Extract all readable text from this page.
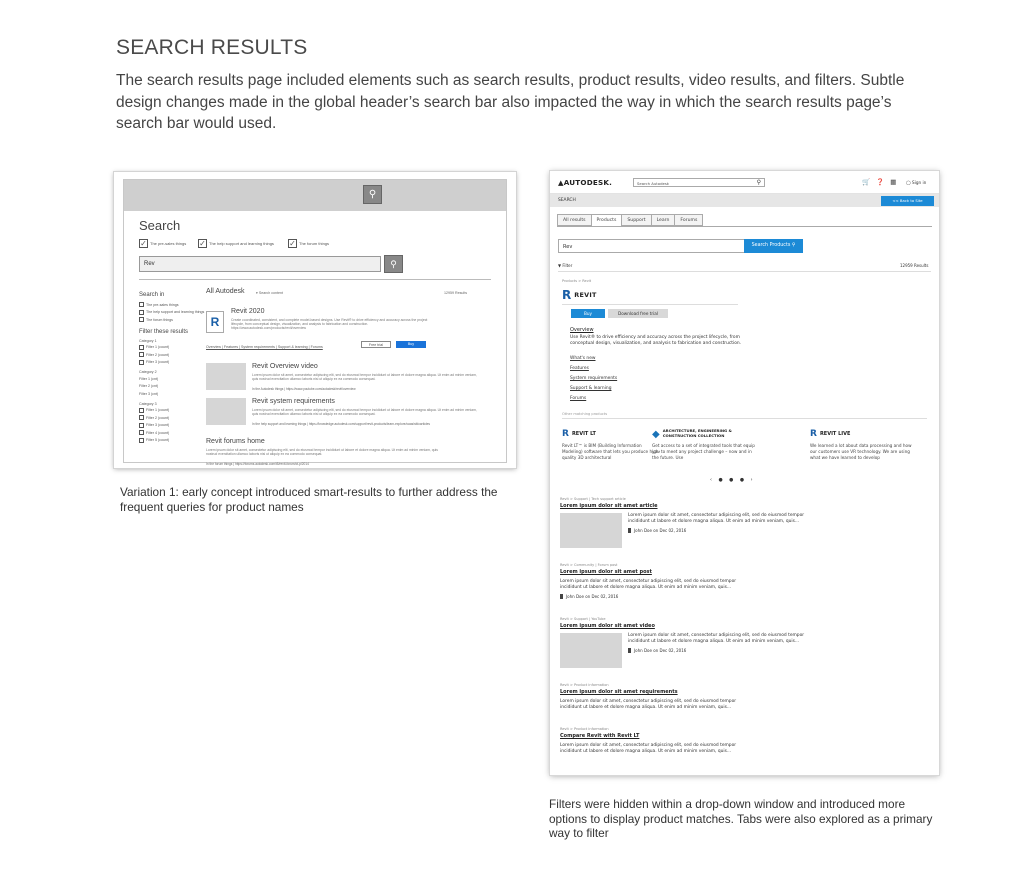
SEARCH RESULTS
The search results page included elements such as search results, product results, video results, and filters. Subtle design changes made in the global header’s search bar also impacted the way in which the search results page’s search bar would used.
⚲
Search
✓ The pre-sales things ✓ The help support and learning things ✓ The forum things
Rev	⚲
Search in
The pre-sales things
The help support and learning things
The forum things
Filter these results
Category 1
Filter 1 (count)
Filter 2 (count)
Filter 3 (count)
Category 2
Filter 1 (cnt)
Filter 2 (cnt)
Filter 3 (cnt)
Category 3
Filter 1 (count)
Filter 2 (count)
Filter 3 (count)
Filter 4 (count)
Filter 5 (count)
All Autodesk	▾ Search content	12959 Results
R
Revit 2020
Create coordinated, consistent, and complete model-based designs. Use Revit® to drive efficiency and accuracy across the project lifecycle, from conceptual design, visualization, and analysis to fabrication and construction.
https://www.autodesk.com/products/revit/overview
Overview | Features | System requirements | Support & learning | Forums	Free trial	Buy
Revit Overview video
Lorem ipsum dolor sit amet, consectetur adipiscing elit, sed do eiusmod tempor incididunt ut labore et dolore magna aliqua. Ut enim ad minim veniam, quis nostrud exercitation ullamco laboris nisi ut aliquip ex ea commodo consequat.
In the Autodesk things | https://www.youtube.com/autodesk/revit/overview
Revit system requirements
Lorem ipsum dolor sit amet, consectetur adipiscing elit, sed do eiusmod tempor incididunt ut labore et dolore magna aliqua. Ut enim ad minim veniam, quis nostrud exercitation ullamco laboris nisi ut aliquip ex ea commodo consequat.
In the help support and learning things | https://knowledge.autodesk.com/support/revit-products/learn-explore/caas/sfdcarticles
Revit forums home
Lorem ipsum dolor sit amet, consectetur adipiscing elit, sed do eiusmod tempor incididunt ut labore et dolore magna aliqua. Ut enim ad minim veniam, quis nostrud exercitation ullamco laboris nisi ut aliquip ex ea commodo consequat.
In the forum things | https://forums.autodesk.com/t5/revit-forum/ct-p/2014
Variation 1: early concept introduced smart-results to further address the frequent queries for product names
▲AUTODESK.	Search Autodesk	⚲	🛒 ❓ ▦	◯ Sign in
SEARCH	<< Back to Site
All results	Products	Support	Learn	Forums
Rev	Search Products ⚲
▼ Filter	12959 Results
Products > Revit
R REVIT
Buy	Download free trial
Overview
Use Revit® to drive efficiency and accuracy across the project lifecycle, from conceptual design, visualization, and analysis to fabrication and construction.
What's new
Features
System requirements
Support & learning
Forums
Other matching products
R REVIT LT
Revit LT™ is BIM (Building Information Modeling) software that lets you produce high-quality 3D architectural
◆ ARCHITECTURE, ENGINEERING & CONSTRUCTION COLLECTION
Get access to a set of integrated tools that equip you to meet any project challenge – now and in the future. Use
R REVIT LIVE
We learned a lot about data processing and how our customers use VR technology. We are using what we have learned to develop
‹ ● ● ● ›
Revit > Support | Tech support article
Lorem ipsum dolor sit amet article
Lorem ipsum dolor sit amet, consectetur adipiscing elit, sed do eiusmod tempor incididunt ut labore et dolore magna aliqua. Ut enim ad minim veniam, quis...
John Doe on Dec 02, 2016
Revit > Community | Forum post
Lorem ipsum dolor sit amet post
Lorem ipsum dolor sit amet, consectetur adipiscing elit, sed do eiusmod tempor incididunt ut labore et dolore magna aliqua. Ut enim ad minim veniam, quis...
John Doe on Dec 02, 2016
Revit > Support | YouTube
Lorem ipsum dolor sit amet video
Lorem ipsum dolor sit amet, consectetur adipiscing elit, sed do eiusmod tempor incididunt ut labore et dolore magna aliqua. Ut enim ad minim veniam, quis...
John Doe on Dec 02, 2016
Revit > Product information
Lorem ipsum dolor sit amet requirements
Lorem ipsum dolor sit amet, consectetur adipiscing elit, sed do eiusmod tempor incididunt ut labore et dolore magna aliqua. Ut enim ad minim veniam, quis...
Revit > Product information
Compare Revit with Revit LT
Lorem ipsum dolor sit amet, consectetur adipiscing elit, sed do eiusmod tempor incididunt ut labore et dolore magna aliqua. Ut enim ad minim veniam, quis...
Filters were hidden within a drop-down window and introduced more options to display product matches. Tabs were also explored as a primary way to filter
